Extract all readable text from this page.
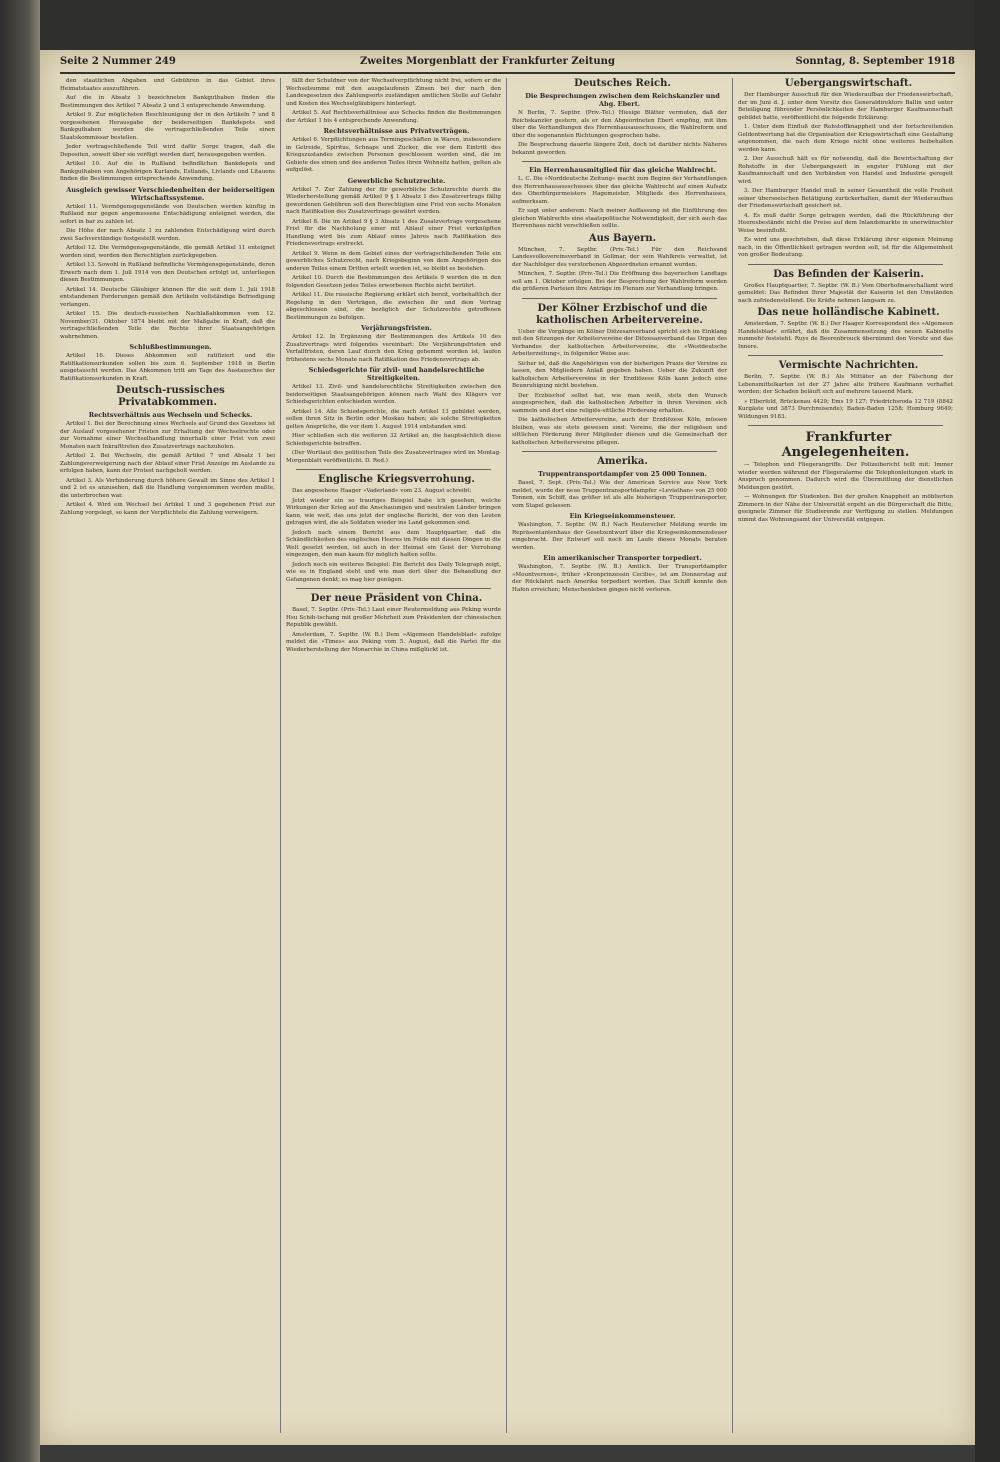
Seite 2 Nummer 249	Zweites Morgenblatt der Frankfurter Zeitung	Sonntag, 8. September 1918

den staatlichen Abgaben und Gebühren in das Gebiet ihres Heimatstaates auszuführen.

Auf die in Absatz 1 bezeichneten Bankguthaben finden die Bestimmungen des Artikel 7 Absatz 2 und 3 entsprechende Anwendung.

Artikel 9. Zur möglichsten Beschleunigung der in den Artikeln 7 und 8 vorgesehenen Herausgabe der beiderseitigen Bankdepots und Bankguthaben werden die vertragschließenden Teile einen Staatskommissar bestellen.

Jeder vertragschließende Teil wird dafür Sorge tragen, daß die Depositen, soweit über sie verfügt werden darf, herausgegeben werden.

Artikel 10. Auf die in Rußland befindlichen Bankdepots und Bankguthaben von Angehörigen Kurlands, Estlands, Livlands und Litauens finden die Bestimmungen entsprechende Anwendung.

Ausgleich gewisser Verschiedenheiten der beiderseitigen Wirtschaftssysteme.

Artikel 11. Vermögensgegenstände von Deutschen werden künftig in Rußland nur gegen angemessene Entschädigung enteignet werden, die sofort in bar zu zahlen ist.

Die Höhe der nach Absatz 1 zu zahlenden Entschädigung wird durch zwei Sachverständige festgestellt werden.

Artikel 12. Die Vermögensgegenstände, die gemäß Artikel 11 enteignet worden sind, werden den Berechtigten zurückgegeben.

Artikel 13. Sowohl in Rußland befindliche Vermögensgegenstände, deren Erwerb nach dem 1. Juli 1914 von den Deutschen erfolgt ist, unterliegen diesen Bestimmungen.

Artikel 14. Deutsche Gläubiger können für die seit dem 1. Juli 1918 entstandenen Forderungen gemäß den Artikeln vollständige Befriedigung verlangen.

Artikel 15. Die deutsch-russischen Nachlaßabkommen vom 12. November/31. Oktober 1874 bleibt mit der Maßgabe in Kraft, daß die vertragschließenden Teile die Rechte ihrer Staatsangehörigen wahrnehmen.

Schlußbestimmungen.

Artikel 16. Dieses Abkommen soll ratifiziert und die Ratifikationsurkunden sollen bis zum 6. September 1918 in Berlin ausgetauscht werden. Das Abkommen tritt am Tage des Austausches der Ratifikationsurkunden in Kraft.

Deutsch-russisches Privatabkommen.

Rechtsverhältnis aus Wechseln und Schecks.

Artikel 1. Bei der Berechnung eines Wechsels auf Grund des Gesetzes ist der Auslauf vorgesehener Fristen zur Erhaltung der Wechselrechte oder zur Vornahme einer Wechselhandlung innerhalb einer Frist von zwei Monaten nach Inkrafttreten des Zusatzvertrags nachzuholen.

Artikel 2. Bei Wechseln, die gemäß Artikel 7 und Absatz 1 bei Zahlungsverweigerung nach der Ablauf einer Frist Anzeige im Auslande zu erfolgen haben, kann der Protest nachgeholt werden.

Artikel 3. Als Verhinderung durch höhere Gewalt im Sinne des Artikel 1 und 2 ist es anzusehen, daß die Handlung vorgenommen werden mußte, die unterbrochen war.

Artikel 4. Wird ein Wechsel bei Artikel 1 und 3 gegebenen Frist zur Zahlung vorgelegt, so kann der Verpflichtete die Zahlung verweigern.

fällt der Schuldner von der Wechselverpflichtung nicht frei, sofern er die Wechselsumme mit den ausgelaufenen Zinsen bei der nach den Landesgesetzen des Zahlungsorts zuständigen amtlichen Stelle auf Gefahr und Kosten des Wechselgläubigers hinterlegt.

Artikel 5. Auf Rechtsverhältnisse aus Schecks finden die Bestimmungen der Artikel 1 bis 4 entsprechende Anwendung.

Rechtsverhältnisse aus Privatverträgen.

Artikel 6. Verpflichtungen aus Termingeschäften in Waren, insbesondere in Getreide, Spiritus, Schnaps und Zucker, die vor dem Eintritt des Kriegszustandes zwischen Personen geschlossen worden sind, die im Gebiete des einen und des anderen Teiles ihren Wohnsitz hatten, gelten als aufgelöst.

Gewerbliche Schutzrechte.

Artikel 7. Zur Zahlung der für gewerbliche Schutzrechte durch die Wiederherstellung gemäß Artikel 9 § 1 Absatz 1 des Zusatzvertrags fällig gewordenen Gebühren soll den Berechtigten eine Frist von sechs Monaten nach Ratifikation des Zusatzvertrags gewährt werden.

Artikel 8. Die im Artikel 9 § 3 Absatz 1 des Zusatzvertrags vorgesehene Frist für die Nachholung einer mit Ablauf einer Frist verknüpften Handlung wird bis zum Ablauf eines Jahres nach Ratifikation des Friedensvertrags erstreckt.

Artikel 9. Wenn in dem Gebiet eines der vertragschließenden Teile ein gewerbliches Schutzrecht, nach Kriegsbeginn von dem Angehörigen des anderen Teiles einem Dritten erteilt worden ist, so bleibt es bestehen.

Artikel 10. Durch die Bestimmungen des Artikels 9 werden die in den folgenden Gesetzen jedes Teiles erworbenen Rechte nicht berührt.

Artikel 11. Die russische Regierung erklärt sich bereit, vorbehaltlich der Regelung in den Verträgen, die zwischen ihr und dem Vertrag abgeschlossen sind, die bezüglich der Schutzrechte getroffenen Bestimmungen zu befolgen.

Verjährungsfristen.

Artikel 12. In Ergänzung der Bestimmungen des Artikels 10 des Zusatzvertrags wird folgendes vereinbart: Die Verjährungsfristen und Verfallfristen, deren Lauf durch den Krieg gehemmt worden ist, laufen frühestens sechs Monate nach Ratifikation des Friedensvertrags ab.

Schiedsgerichte für zivil- und handelsrechtliche Streitigkeiten.

Artikel 13. Zivil- und handelsrechtliche Streitigkeiten zwischen den beiderseitigen Staatsangehörigen können nach Wahl des Klägers vor Schiedsgerichten entschieden werden.

Artikel 14. Alle Schiedsgerichte, die nach Artikel 13 gebildet werden, sollen ihren Sitz in Berlin oder Moskau haben; als solche Streitigkeiten gelten Ansprüche, die vor dem 1. August 1914 entstanden sind.

Hier schließen sich die weiteren 32 Artikel an, die hauptsächlich diese Schiedsgerichte betreffen.

(Der Wortlaut des politischen Teils des Zusatzvertrages wird im Montag-Morgenblatt veröffentlicht. D. Red.)

Englische Kriegsverrohung.

Das angesehene Haager »Vaderland« vom 23. August schreibt:

Jetzt wieder ein so trauriges Beispiel habe ich gesehen, welche Wirkungen der Krieg auf die Anschauungen und neutralen Länder bringen kann, wie weit, das uns jetzt der englische Bericht, der von den Leuten getragen wird, die als Soldaten wieder ins Land gekommen sind.

Jedoch nach einem Bericht aus dem Hauptquartier, daß die Schändlichkeiten des englischen Heeres im Felde mit diesen Dingen in die Welt gesetzt werden, ist auch in der Heimat ein Geist der Verrohung eingezogen, den man kaum für möglich halten sollte.

Jedoch noch ein weiteres Beispiel: Ein Bericht des Daily Telegraph zeigt, wie es in England steht und wie man dort über die Behandlung der Gefangenen denkt; es mag hier genügen.

Der neue Präsident von China.

Basel, 7. Septbr. (Priv.-Tel.) Laut einer Reutermeldung aus Peking wurde Hsu Schih-tschang mit großer Mehrheit zum Präsidenten der chinesischen Republik gewählt.

Amsterdam, 7. Septbr. (W. B.) Dem »Algemeen Handelsblad« zufolge meldet die »Times« aus Peking vom 5. August, daß die Partei für die Wiederherstellung der Monarchie in China mißglückt ist.

Deutsches Reich.

Die Besprechungen zwischen dem Reichskanzler und Abg. Ebert.

N Berlin, 7. Septbr. (Priv.-Tel.) Hiesige Blätter vermuten, daß der Reichskanzler gestern, als er den Abgeordneten Ebert empfing, mit ihm über die Verhandlungen des Herrenhausausschusses, die Wahlreform und über die sogenannten Richtungen gesprochen habe.

Die Besprechung dauerte längere Zeit, doch ist darüber nichts Näheres bekannt geworden.

Ein Herrenhausmitglied für das gleiche Wahlrecht.

L. C. Die »Norddeutsche Zeitung« macht zum Beginn der Verhandlungen des Herrenhausausschusses über das gleiche Wahlrecht auf einen Aufsatz des Oberbürgermeisters Hagemeister, Mitglieds des Herrenhauses, aufmerksam.

Er sagt unter anderem: Nach meiner Auffassung ist die Einführung des gleichen Wahlrechts eine staatspolitische Notwendigkeit, der sich auch das Herrenhaus nicht verschließen sollte.

Aus Bayern.

München, 7. Septbr. (Priv.-Tel.) Für den Reichsund Landesvolksvereinsverband in Gollmar, der sein Wahlkreis verwaltet, ist der Nachfolger des verstorbenen Abgeordneten ernannt worden.

München, 7. Septbr. (Priv.-Tel.) Die Eröffnung des bayerischen Landtags soll am 1. Oktober erfolgen. Bei der Besprechung der Wahlreform werden die größeren Parteien ihre Anträge im Plenum zur Verhandlung bringen.

Der Kölner Erzbischof und die katholischen Arbeitervereine.

Ueber die Vorgänge im Kölner Diözesanverband spricht sich im Einklang mit den Sitzungen der Arbeitervereine der Diözesanverband das Organ des Verbandes der katholischen Arbeitervereine, die »Westdeutsche Arbeiterzeitung«, in folgender Weise aus:

Sicher ist, daß die Angehörigen von der bisherigen Praxis der Vereine zu lassen, den Mitgliedern Anlaß gegeben haben. Ueber die Zukunft der katholischen Arbeitervereine in der Erzdiözese Köln kann jedoch eine Beunruhigung nicht bestehen.

Der Erzbischof selbst hat, wie man weiß, stets den Wunsch ausgesprochen, daß die katholischen Arbeiter in ihren Vereinen sich sammeln und dort eine religiös-sittliche Förderung erhalten.

Die katholischen Arbeitervereine, auch der Erzdiözese Köln, müssen bleiben, was sie stets gewesen sind: Vereine, die der religiösen und sittlichen Förderung ihrer Mitglieder dienen und die Gemeinschaft der katholischen Arbeitervereine pflegen.

Amerika.

Truppentransportdampfer von 25 000 Tonnen.

Basel, 7. Sept. (Priv.-Tel.) Wie der American Service aus New York meldet, wurde der neue Truppentransportdampfer »Leviathan« von 25 000 Tonnen, ein Schiff, das größer ist als alle bisherigen Truppentransporter, vom Stapel gelassen.

Ein Kriegseinkommensteuer.

Washington, 7. Septbr. (W. B.) Nach Reuterscher Meldung wurde im Repräsentantenhaus der Gesetzentwurf über die Kriegseinkommensteuer eingebracht. Der Entwurf soll noch im Laufe dieses Monats beraten werden.

Ein amerikanischer Transporter torpediert.

Washington, 7. Septbr. (W. B.) Amtlich. Der Transportdampfer »Mountvernon«, früher »Kronprinzessin Cecilie«, ist am Donnerstag auf der Rückfahrt nach Amerika torpediert worden. Das Schiff konnte den Hafen erreichen; Menschenleben gingen nicht verloren.

Uebergangswirtschaft.

Der Hamburger Ausschuß für den Wiederaufbau der Friedenswirtschaft, der im Juni d. J. unter dem Vorsitz des Generaldirektors Ballin und unter Beteiligung führender Persönlichkeiten der Hamburger Kaufmannschaft gebildet hatte, veröffentlicht die folgende Erklärung:

1. Unter dem Einfluß der Rohstoffknappheit und der fortschreitenden Geldentwertung hat die Organisation der Kriegswirtschaft eine Gestaltung angenommen, die nach dem Kriege nicht ohne weiteres beibehalten werden kann.

2. Der Ausschuß hält es für notwendig, daß die Bewirtschaftung der Rohstoffe in der Uebergangszeit in engster Fühlung mit der Kaufmannschaft und den Verbänden von Handel und Industrie geregelt wird.

3. Der Hamburger Handel muß in seiner Gesamtheit die volle Freiheit seiner überseeischen Betätigung zurückerhalten, damit der Wiederaufbau der Friedenswirtschaft gesichert ist.

4. Es muß dafür Sorge getragen werden, daß die Rückführung der Heeresbestände nicht die Preise auf dem Inlandsmarkte in unerwünschter Weise beeinflußt.

Es wird uns geschrieben, daß diese Erklärung ihrer eigenen Meinung nach, in die Öffentlichkeit getragen werden soll, ist für die Allgemeinheit von großer Bedeutung.

Das Befinden der Kaiserin.

Großes Hauptquartier, 7. Septbr. (W. B.) Vom Oberhofmarschallamt wird gemeldet: Das Befinden Ihrer Majestät der Kaiserin ist den Umständen nach zufriedenstellend. Die Kräfte nehmen langsam zu.

Das neue holländische Kabinett.

Amsterdam, 7. Septbr. (W. B.) Der Haager Korrespondent des »Algemeen Handelsblad« erfährt, daß die Zusammensetzung des neuen Kabinetts nunmehr feststeht. Ruys de Beerenbrouck übernimmt den Vorsitz und das Innere.

Vermischte Nachrichten.

Berlin, 7. Septbr. (W. B.) Als Mittäter an der Fälschung der Lebensmittelkarten ist der 27 Jahre alte frühere Kaufmann verhaftet worden; der Schaden beläuft sich auf mehrere tausend Mark.

» Elberfeld, Brückenau 4429; Ems 19 127; Friedrichsroda 12 719 (8842 Kurgäste und 3873 Durchreisende); Baden-Baden 1258; Homburg 9649; Wildungen 9183.

Frankfurter Angelegenheiten.

— Telephon und Fliegerangriffe. Der Polizeibericht teilt mit: Immer wieder werden während der Fliegeralarme die Telephonleitungen stark in Anspruch genommen. Dadurch wird die Übermittlung der dienstlichen Meldungen gestört.

— Wohnungen für Studenten. Bei der großen Knappheit an möblierten Zimmern in der Nähe der Universität ergeht an die Bürgerschaft die Bitte, geeignete Zimmer für Studierende zur Verfügung zu stellen. Meldungen nimmt das Wohnungsamt der Universität entgegen.
